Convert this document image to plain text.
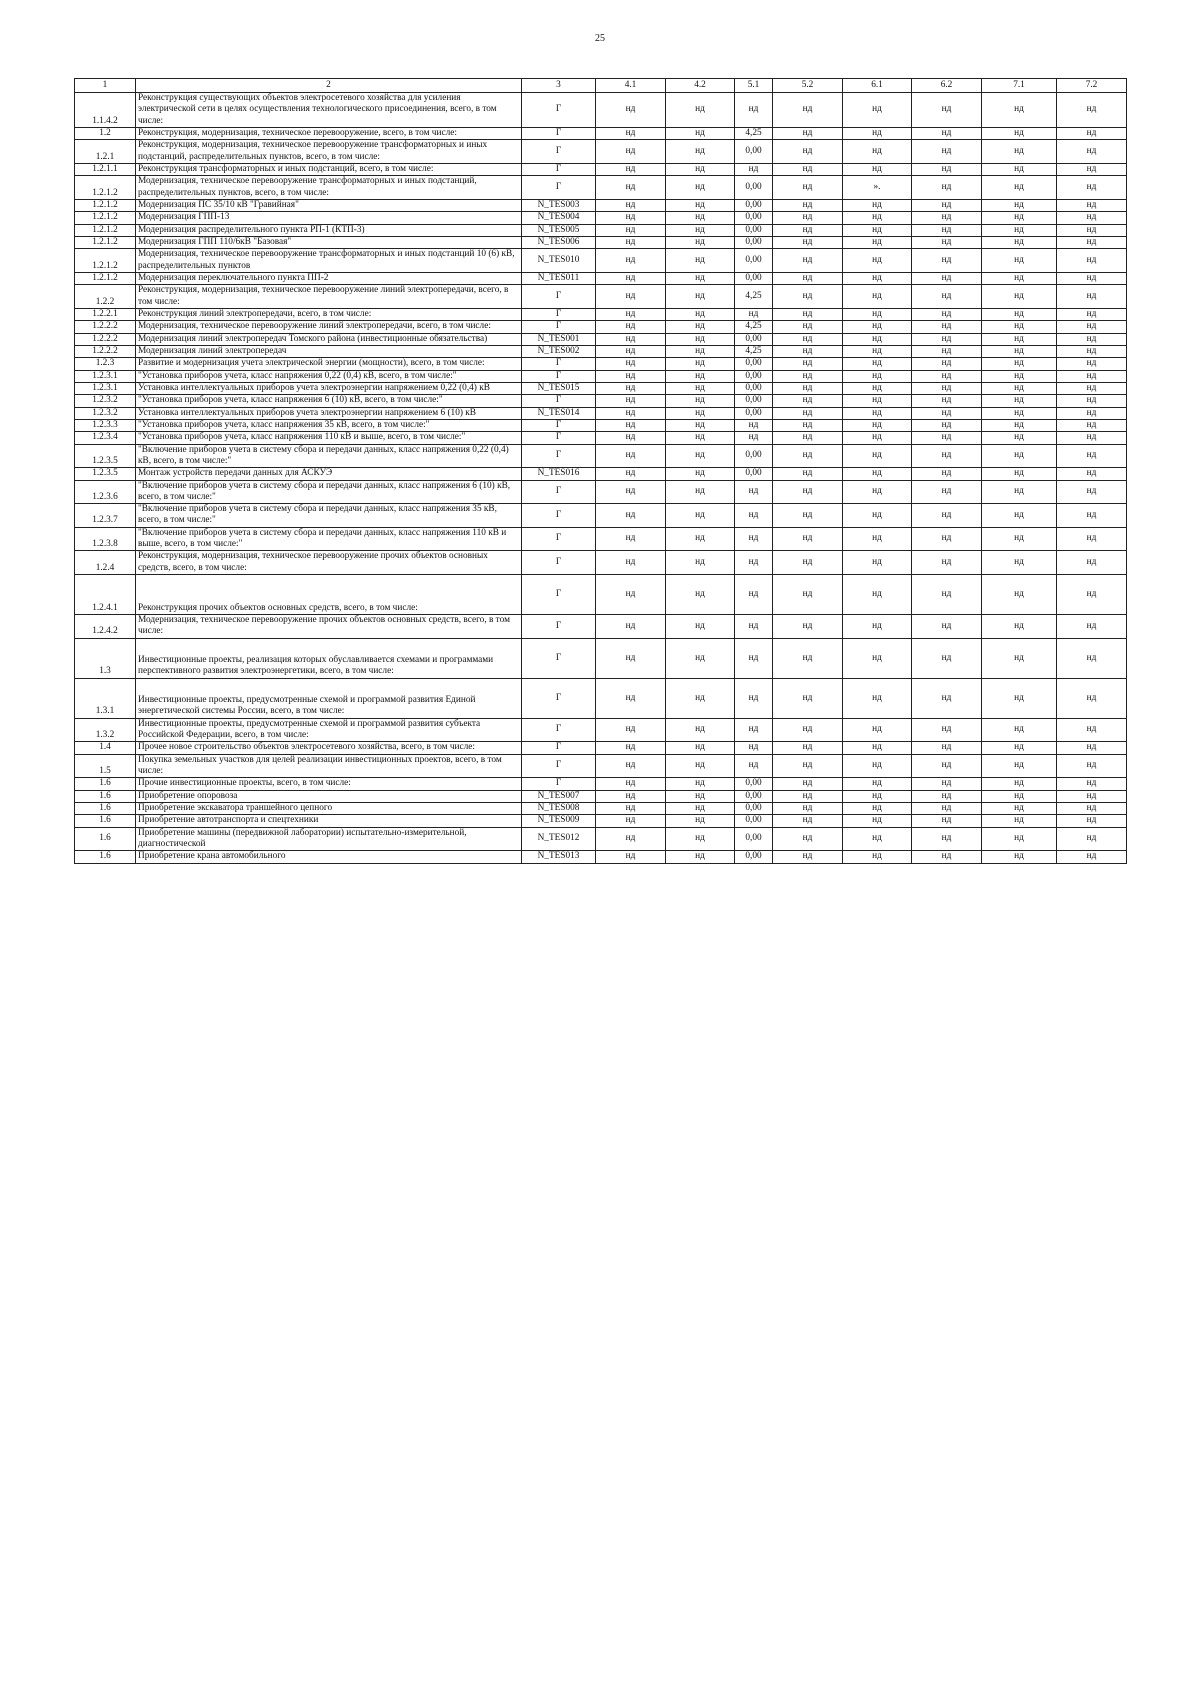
25
1	2	3	4.1	4.2	5.1	5.2	6.1	6.2	7.1	7.2
1.1.4.2	Реконструкция существующих объектов электросетевого хозяйства для усиления электрической сети в целях осуществления технологического присоединения, всего, в том числе:	Г	нд	нд	нд	нд	нд	нд	нд	нд
1.2	Реконструкция, модернизация, техническое перевооружение, всего, в том числе:	Г	нд	нд	4,25	нд	нд	нд	нд	нд
1.2.1	Реконструкция, модернизация, техническое перевооружение трансформаторных и иных подстанций, распределительных пунктов, всего, в том числе:	Г	нд	нд	0,00	нд	нд	нд	нд	нд
1.2.1.1	Реконструкция трансформаторных и иных подстанций, всего, в том числе:	Г	нд	нд	нд	нд	нд	нд	нд	нд
1.2.1.2	Модернизация, техническое перевооружение трансформаторных и иных подстанций, распределительных пунктов, всего, в том числе:	Г	нд	нд	0,00	нд	».	нд	нд	нд
1.2.1.2	Модернизация ПС 35/10 кВ "Гравийная"	N_TES003	нд	нд	0,00	нд	нд	нд	нд	нд
1.2.1.2	Модернизация ГПП-13	N_TES004	нд	нд	0,00	нд	нд	нд	нд	нд
1.2.1.2	Модернизация распределительного пункта РП-1 (КТП-3)	N_TES005	нд	нд	0,00	нд	нд	нд	нд	нд
1.2.1.2	Модернизация ГПП 110/6кВ "Базовая"	N_TES006	нд	нд	0,00	нд	нд	нд	нд	нд
1.2.1.2	Модернизация, техническое перевооружение трансформаторных и иных подстанций 10 (6) кВ, распределительных пунктов	N_TES010	нд	нд	0,00	нд	нд	нд	нд	нд
1.2.1.2	Модернизация переключательного пункта ПП-2	N_TES011	нд	нд	0,00	нд	нд	нд	нд	нд
1.2.2	Реконструкция, модернизация, техническое перевооружение линий электропередачи, всего, в том числе:	Г	нд	нд	4,25	нд	нд	нд	нд	нд
1.2.2.1	Реконструкция линий электропередачи, всего, в том числе:	Г	нд	нд	нд	нд	нд	нд	нд	нд
1.2.2.2	Модернизация, техническое перевооружение линий электропередачи, всего, в том числе:	Г	нд	нд	4,25	нд	нд	нд	нд	нд
1.2.2.2	Модернизация линий электропередач Томского района (инвестиционные обязательства)	N_TES001	нд	нд	0,00	нд	нд	нд	нд	нд
1.2.2.2	Модернизация линий электропередач	N_TES002	нд	нд	4,25	нд	нд	нд	нд	нд
1.2.3	Развитие и модернизация учета электрической энергии (мощности), всего, в том числе:	Г	нд	нд	0,00	нд	нд	нд	нд	нд
1.2.3.1	"Установка приборов учета, класс напряжения 0,22 (0,4) кВ, всего, в том числе:"	Г	нд	нд	0,00	нд	нд	нд	нд	нд
1.2.3.1	Установка интеллектуальных приборов учета электроэнергии напряжением 0,22 (0,4) кВ	N_TES015	нд	нд	0,00	нд	нд	нд	нд	нд
1.2.3.2	"Установка приборов учета, класс напряжения 6 (10) кВ, всего, в том числе:"	Г	нд	нд	0,00	нд	нд	нд	нд	нд
1.2.3.2	Установка интеллектуальных приборов учета электроэнергии напряжением 6 (10) кВ	N_TES014	нд	нд	0,00	нд	нд	нд	нд	нд
1.2.3.3	"Установка приборов учета, класс напряжения 35 кВ, всего, в том числе:"	Г	нд	нд	нд	нд	нд	нд	нд	нд
1.2.3.4	"Установка приборов учета, класс напряжения 110 кВ и выше, всего, в том числе:"	Г	нд	нд	нд	нд	нд	нд	нд	нд
1.2.3.5	"Включение приборов учета в систему сбора и передачи данных, класс напряжения 0,22 (0,4) кВ, всего, в том числе:"	Г	нд	нд	0,00	нд	нд	нд	нд	нд
1.2.3.5	Монтаж устройств передачи данных для АСКУЭ	N_TES016	нд	нд	0,00	нд	нд	нд	нд	нд
1.2.3.6	"Включение приборов учета в систему сбора и передачи данных, класс напряжения 6 (10) кВ, всего, в том числе:"	Г	нд	нд	нд	нд	нд	нд	нд	нд
1.2.3.7	"Включение приборов учета в систему сбора и передачи данных, класс напряжения 35 кВ, всего, в том числе:"	Г	нд	нд	нд	нд	нд	нд	нд	нд
1.2.3.8	"Включение приборов учета в систему сбора и передачи данных, класс напряжения 110 кВ и выше, всего, в том числе:"	Г	нд	нд	нд	нд	нд	нд	нд	нд
1.2.4	Реконструкция, модернизация, техническое перевооружение прочих объектов основных средств, всего, в том числе:	Г	нд	нд	нд	нд	нд	нд	нд	нд
1.2.4.1	Реконструкция прочих объектов основных средств, всего, в том числе:	Г	нд	нд	нд	нд	нд	нд	нд	нд
1.2.4.2	Модернизация, техническое перевооружение прочих объектов основных средств, всего, в том числе:	Г	нд	нд	нд	нд	нд	нд	нд	нд
1.3	Инвестиционные проекты, реализация которых обуславливается схемами и программами перспективного развития электроэнергетики, всего, в том числе:	Г	нд	нд	нд	нд	нд	нд	нд	нд
1.3.1	Инвестиционные проекты, предусмотренные схемой и программой развития Единой энергетической системы России, всего, в том числе:	Г	нд	нд	нд	нд	нд	нд	нд	нд
1.3.2	Инвестиционные проекты, предусмотренные схемой и программой развития субъекта Российской Федерации, всего, в том числе:	Г	нд	нд	нд	нд	нд	нд	нд	нд
1.4	Прочее новое строительство объектов электросетевого хозяйства, всего, в том числе:	Г	нд	нд	нд	нд	нд	нд	нд	нд
1.5	Покупка земельных участков для целей реализации инвестиционных проектов, всего, в том числе:	Г	нд	нд	нд	нд	нд	нд	нд	нд
1.6	Прочие инвестиционные проекты, всего, в том числе:	Г	нд	нд	0,00	нд	нд	нд	нд	нд
1.6	Приобретение опоровоза	N_TES007	нд	нд	0,00	нд	нд	нд	нд	нд
1.6	Приобретение экскаватора траншейного цепного	N_TES008	нд	нд	0,00	нд	нд	нд	нд	нд
1.6	Приобретение автотранспорта и спецтехники	N_TES009	нд	нд	0,00	нд	нд	нд	нд	нд
1.6	Приобретение машины (передвижной лаборатории) испытательно-измерительной, диагностической	N_TES012	нд	нд	0,00	нд	нд	нд	нд	нд
1.6	Приобретение крана автомобильного	N_TES013	нд	нд	0,00	нд	нд	нд	нд	нд
